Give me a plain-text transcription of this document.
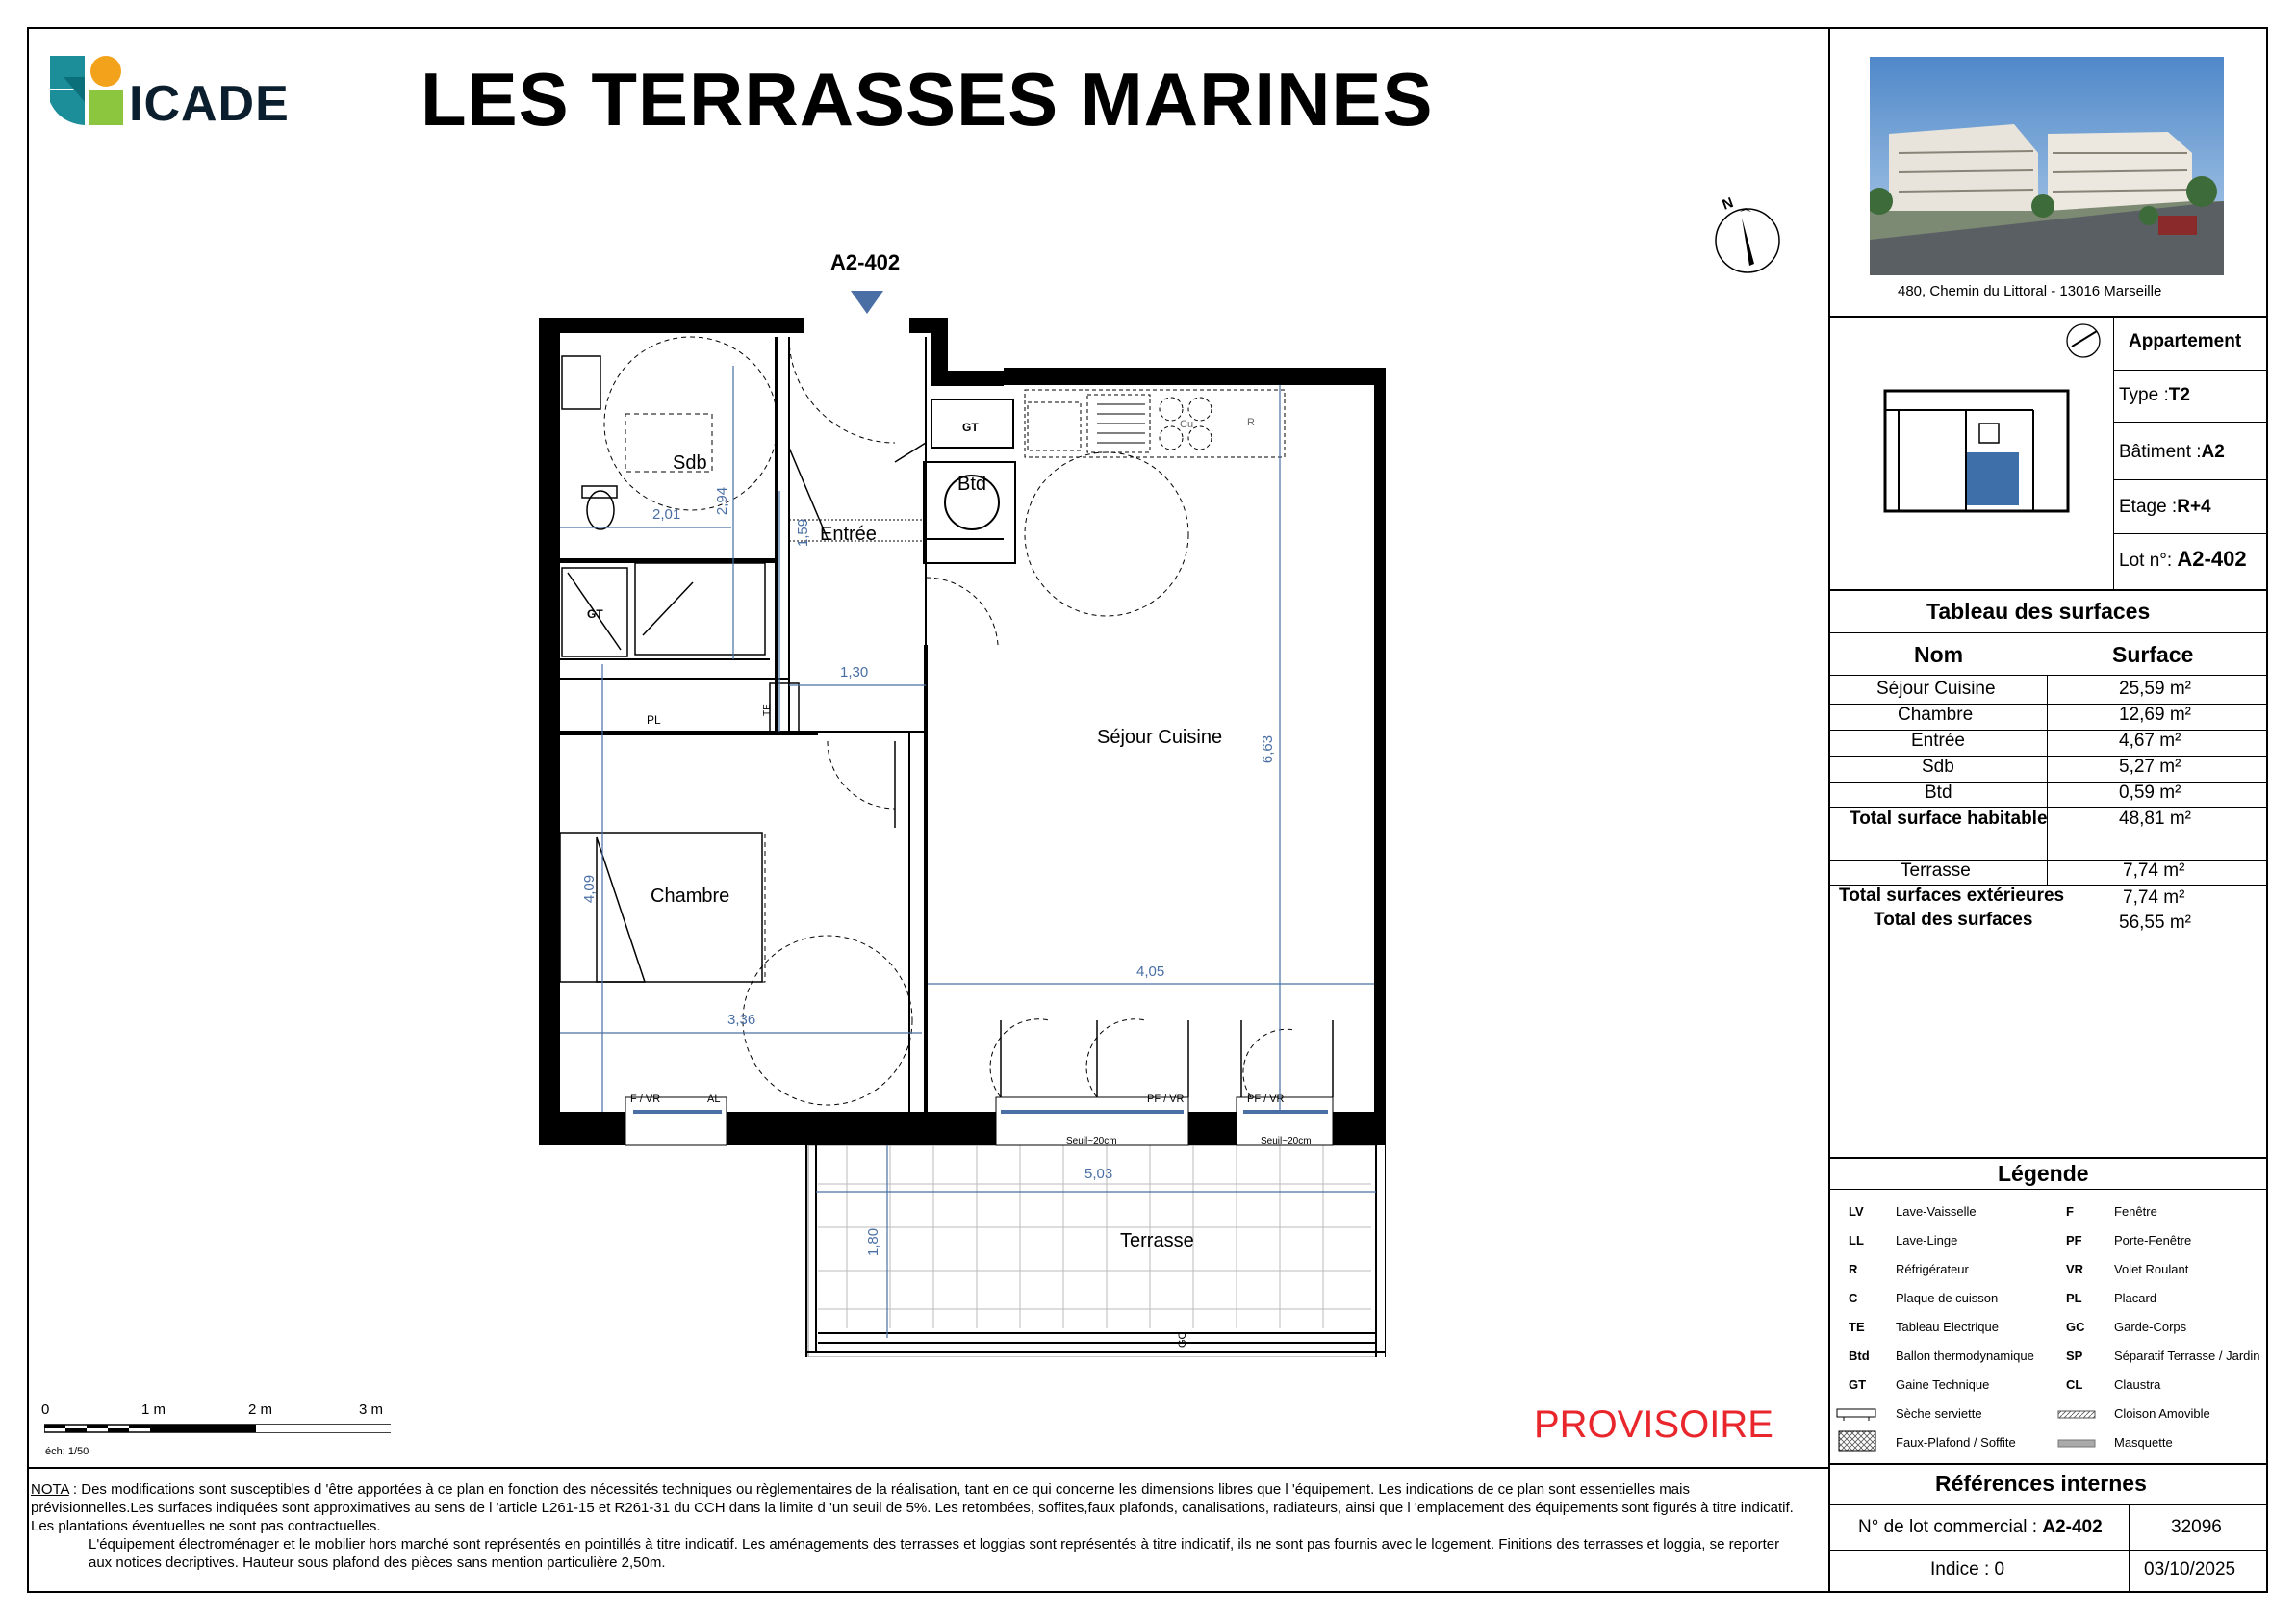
ICADE LES TERRASSES MARINES
N
GT
GT	R
Cu
TE
PL
F / VR	AL	PF / VR	PF / VR
Seuil~20cm	Seuil~20cm
GC
A2-402
Sdb
Entrée
Btd
Séjour Cuisine
Chambre
Terrasse
2,01 2,94
1,59
1,30
6,63
4,09
3,36
4,05
5,03
1,80
0	1 m	2 m	3 m
éch: 1/50
PROVISOIRE
NOTA : Des modifications sont susceptibles d 'être apportées à ce plan en fonction des nécessités techniques ou règlementaires de la réalisation, tant en ce qui concerne les dimensions libres que l 'équipement. Les indications de ce plan sont essentielles mais prévisionnelles.Les surfaces indiquées sont approximatives au sens de l 'article L261-15 et R261-31 du CCH dans la limite d 'un seuil de 5%. Les retombées, soffites,faux plafonds, canalisations, radiateurs, ainsi que l 'emplacement des équipements sont figurés à titre indicatif. Les plantations éventuelles ne sont pas contractuelles.
L'équipement électroménager et le mobilier hors marché sont représentés en pointillés à titre indicatif. Les aménagements des terrasses et loggias sont représentés à titre indicatif, ils ne sont pas fournis avec le logement. Finitions des terrasses et loggia, se reporter aux notices decriptives. Hauteur sous plafond des pièces sans mention particulière 2,50m.
480, Chemin du Littoral - 13016 Marseille
Appartement
Type :T2
Bâtiment :A2
Etage :R+4
Lot n°: A2-402
Tableau des surfaces
Nom	Surface
Séjour Cuisine	25,59 m²
Chambre	12,69 m²
Entrée	4,67 m²
Sdb	5,27 m²
Btd	0,59 m²
Total surface habitable	48,81 m²
Terrasse	7,74 m²
Total surfaces extérieures	7,74 m²
Total des surfaces	56,55 m²
Légende
LV	Lave-Vaisselle
LL	Lave-Linge
R	Réfrigérateur
C	Plaque de cuisson
TE Tableau Electrique
Btd Ballon thermodynamique
GT Gaine Technique
Sèche serviette
Faux-Plafond / Soffite
F	Fenêtre
PF	Porte-Fenêtre
VR Volet Roulant
PL	Placard
GC Garde-Corps
SP	Séparatif Terrasse / Jardin
CL	Claustra
Cloison Amovible
Masquette
Références internes
N° de lot commercial : A2-402	32096
Indice : 0	03/10/2025
